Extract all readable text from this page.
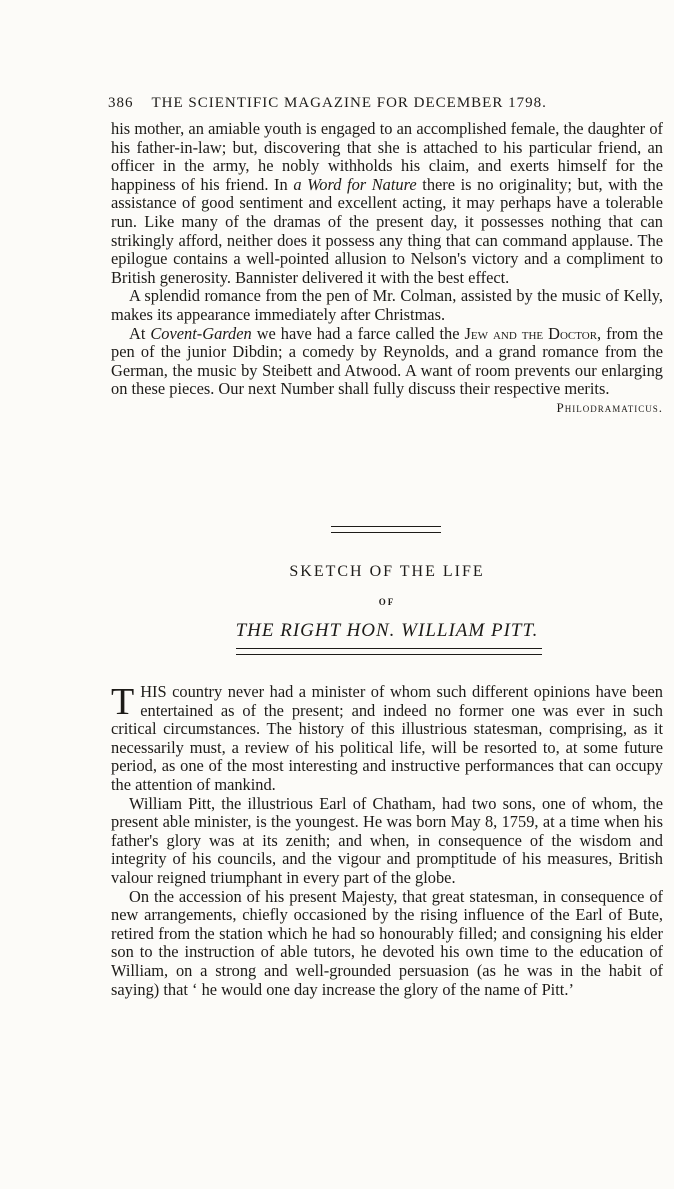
386 THE SCIENTIFIC MAGAZINE FOR DECEMBER 1798.

his mother, an amiable youth is engaged to an accomplished female, the daughter of his father-in-law; but, discovering that she is attached to his particular friend, an officer in the army, he nobly withholds his claim, and exerts himself for the happiness of his friend. In a Word for Nature there is no originality; but, with the assistance of good sentiment and excellent acting, it may perhaps have a tolerable run. Like many of the dramas of the present day, it possesses nothing that can strikingly afford, neither does it possess any thing that can command applause. The epilogue contains a well-pointed allusion to Nelson's victory and a compliment to British generosity. Bannister delivered it with the best effect.

A splendid romance from the pen of Mr. Colman, assisted by the music of Kelly, makes its appearance immediately after Christmas.

At Covent-Garden we have had a farce called the Jew and the Doctor, from the pen of the junior Dibdin; a comedy by Reynolds, and a grand romance from the German, the music by Steibett and Atwood. A want of room prevents our enlarging on these pieces. Our next Number shall fully discuss their respective merits.

Philodramaticus.
SKETCH OF THE LIFE
OF
THE RIGHT HON. WILLIAM PITT.

THIS country never had a minister of whom such different opinions have been entertained as of the present; and indeed no former one was ever in such critical circumstances. The history of this illustrious statesman, comprising, as it necessarily must, a review of his political life, will be resorted to, at some future period, as one of the most interesting and instructive performances that can occupy the attention of mankind.

William Pitt, the illustrious Earl of Chatham, had two sons, one of whom, the present able minister, is the youngest. He was born May 8, 1759, at a time when his father's glory was at its zenith; and when, in consequence of the wisdom and integrity of his councils, and the vigour and promptitude of his measures, British valour reigned triumphant in every part of the globe.

On the accession of his present Majesty, that great statesman, in consequence of new arrangements, chiefly occasioned by the rising influence of the Earl of Bute, retired from the station which he had so honourably filled; and consigning his elder son to the instruction of able tutors, he devoted his own time to the education of William, on a strong and well-grounded persuasion (as he was in the habit of saying) that ‘ he would one day increase the glory of the name of Pitt.’
